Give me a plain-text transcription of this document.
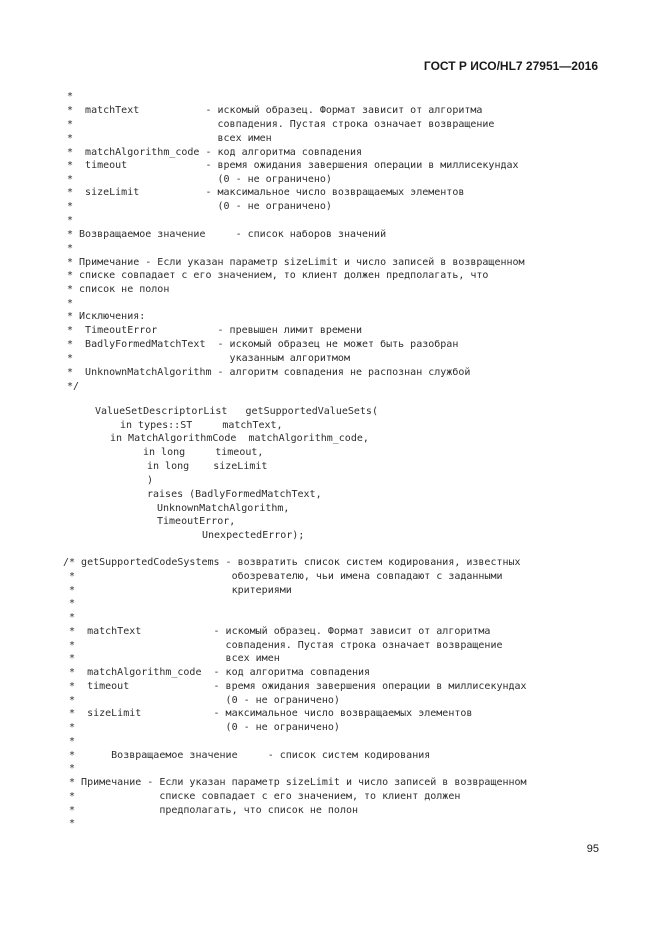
ГОСТ Р ИСО/HL7 27951—2016
*
*  matchText           - искомый образец. Формат зависит от алгоритма
*                        совпадения. Пустая строка означает возвращение
*                        всех имен
*  matchAlgorithm_code - код алгоритма совпадения
*  timeout             - время ожидания завершения операции в миллисекундах
*                        (0 - не ограничено)
*  sizeLimit           - максимальное число возвращаемых элементов
*                        (0 - не ограничено)
*
* Возвращаемое значение     - список наборов значений
*
* Примечание - Если указан параметр sizeLimit и число записей в возвращенном
* списке совпадает с его значением, то клиент должен предполагать, что
* список не полон
*
* Исключения:
*  TimeoutError          - превышен лимит времени
*  BadlyFormedMatchText  - искомый образец не может быть разобран
*                          указанным алгоритмом
*  UnknownMatchAlgorithm - алгоритм совпадения не распознан службой
*/
ValueSetDescriptorList   getSupportedValueSets(
in types::ST     matchText,
in MatchAlgorithmCode  matchAlgorithm_code,
in long     timeout,
in long    sizeLimit
)
raises (BadlyFormedMatchText,
UnknownMatchAlgorithm,
TimeoutError,
UnexpectedError);
/* getSupportedCodeSystems - возвратить список систем кодирования, известных
*                          обозревателю, чьи имена совпадают с заданными
*                          критериями
*
*
*  matchText            - искомый образец. Формат зависит от алгоритма
*                         совпадения. Пустая строка означает возвращение
*                         всех имен
*  matchAlgorithm_code  - код алгоритма совпадения
*  timeout              - время ожидания завершения операции в миллисекундах
*                         (0 - не ограничено)
*  sizeLimit            - максимальное число возвращаемых элементов
*                         (0 - не ограничено)
*
*      Возвращаемое значение     - список систем кодирования
*
* Примечание - Если указан параметр sizeLimit и число записей в возвращенном
*              списке совпадает с его значением, то клиент должен
*              предполагать, что список не полон
*
95
